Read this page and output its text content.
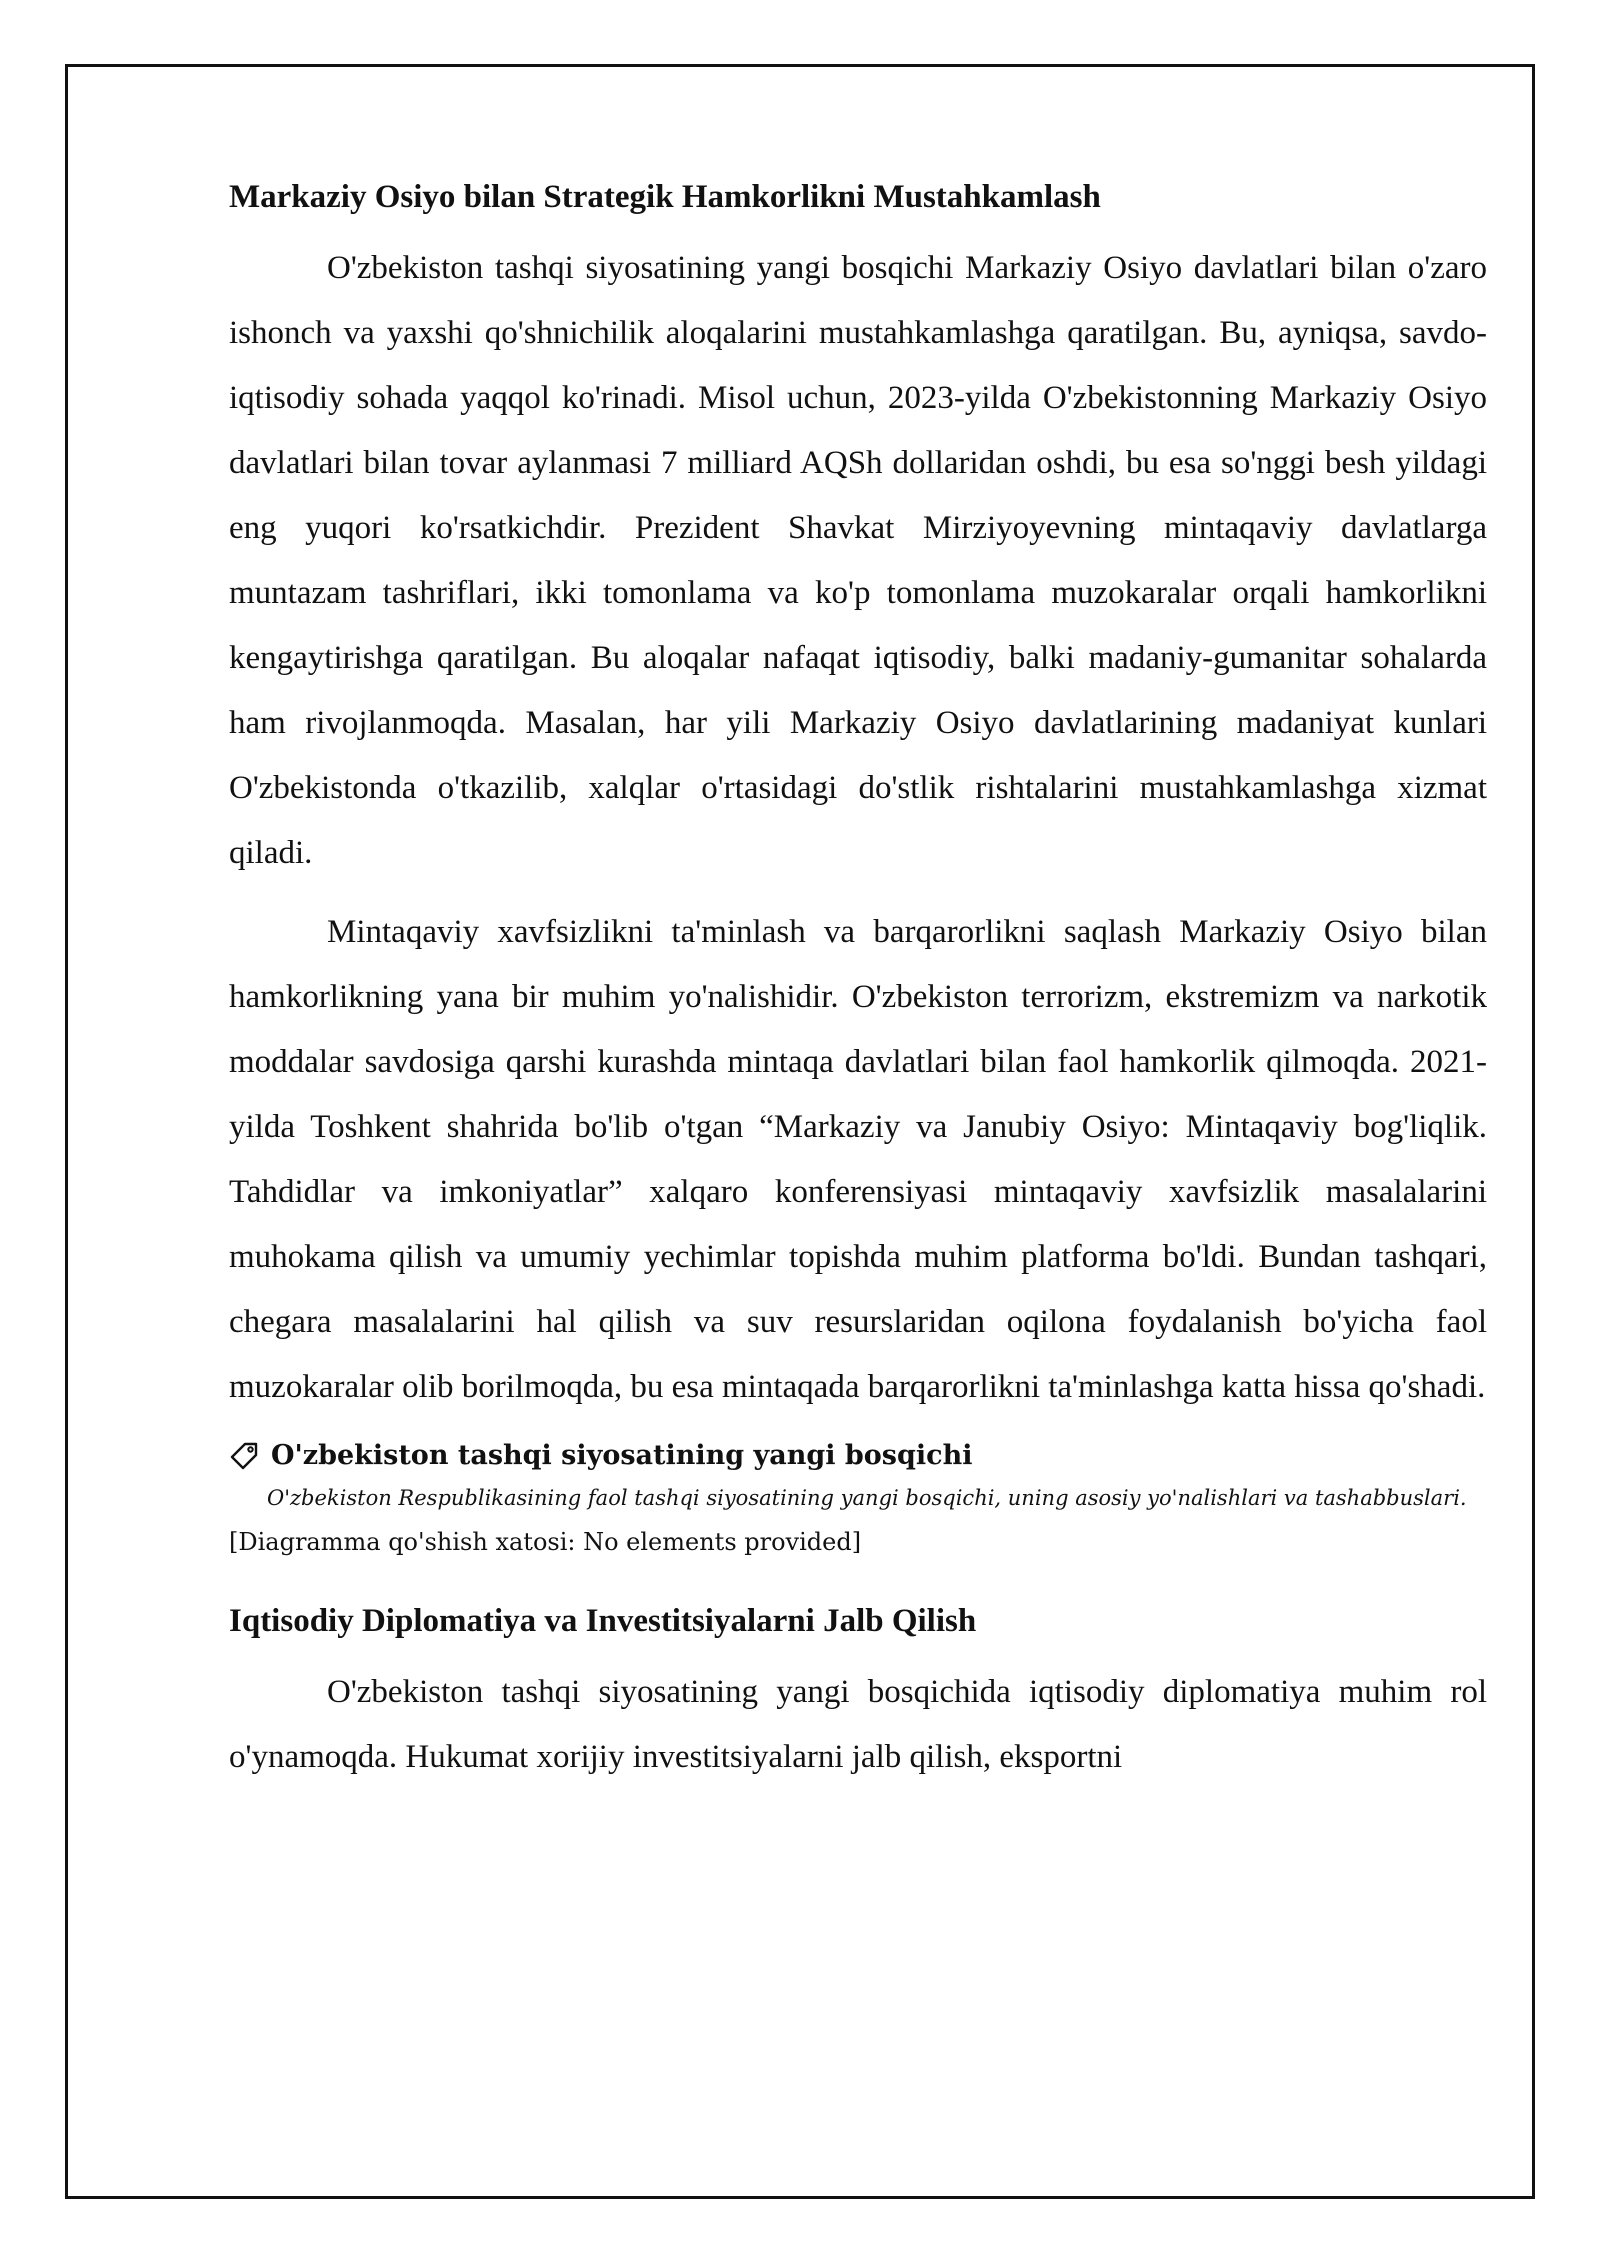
Markaziy Osiyo bilan Strategik Hamkorlikni Mustahkamlash

O'zbekiston tashqi siyosatining yangi bosqichi Markaziy Osiyo davlatlari bilan o'zaro ishonch va yaxshi qo'shnichilik aloqalarini mustahkamlashga qaratilgan. Bu, ayniqsa, savdo-iqtisodiy sohada yaqqol ko'rinadi. Misol uchun, 2023-yilda O'zbekistonning Markaziy Osiyo davlatlari bilan tovar aylanmasi 7 milliard AQSh dollaridan oshdi, bu esa so'nggi besh yildagi eng yuqori ko'rsatkichdir. Prezident Shavkat Mirziyoyevning mintaqaviy davlatlarga muntazam tashriflari, ikki tomonlama va ko'p tomonlama muzokaralar orqali hamkorlikni kengaytirishga qaratilgan. Bu aloqalar nafaqat iqtisodiy, balki madaniy-gumanitar sohalarda ham rivojlanmoqda. Masalan, har yili Markaziy Osiyo davlatlarining madaniyat kunlari O'zbekistonda o'tkazilib, xalqlar o'rtasidagi do'stlik rishtalarini mustahkamlashga xizmat qiladi.

Mintaqaviy xavfsizlikni ta'minlash va barqarorlikni saqlash Markaziy Osiyo bilan hamkorlikning yana bir muhim yo'nalishidir. O'zbekiston terrorizm, ekstremizm va narkotik moddalar savdosiga qarshi kurashda mintaqa davlatlari bilan faol hamkorlik qilmoqda. 2021-yilda Toshkent shahrida bo'lib o'tgan “Markaziy va Janubiy Osiyo: Mintaqaviy bog'liqlik. Tahdidlar va imkoniyatlar” xalqaro konferensiyasi mintaqaviy xavfsizlik masalalarini muhokama qilish va umumiy yechimlar topishda muhim platforma bo'ldi. Bundan tashqari, chegara masalalarini hal qilish va suv resurslaridan oqilona foydalanish bo'yicha faol muzokaralar olib borilmoqda, bu esa mintaqada barqarorlikni ta'minlashga katta hissa qo'shadi.

O'zbekiston tashqi siyosatining yangi bosqichi
O'zbekiston Respublikasining faol tashqi siyosatining yangi bosqichi, uning asosiy yo'nalishlari va tashabbuslari.
[Diagramma qo'shish xatosi: No elements provided]
Iqtisodiy Diplomatiya va Investitsiyalarni Jalb Qilish

O'zbekiston tashqi siyosatining yangi bosqichida iqtisodiy diplomatiya muhim rol o'ynamoqda. Hukumat xorijiy investitsiyalarni jalb qilish, eksportni
